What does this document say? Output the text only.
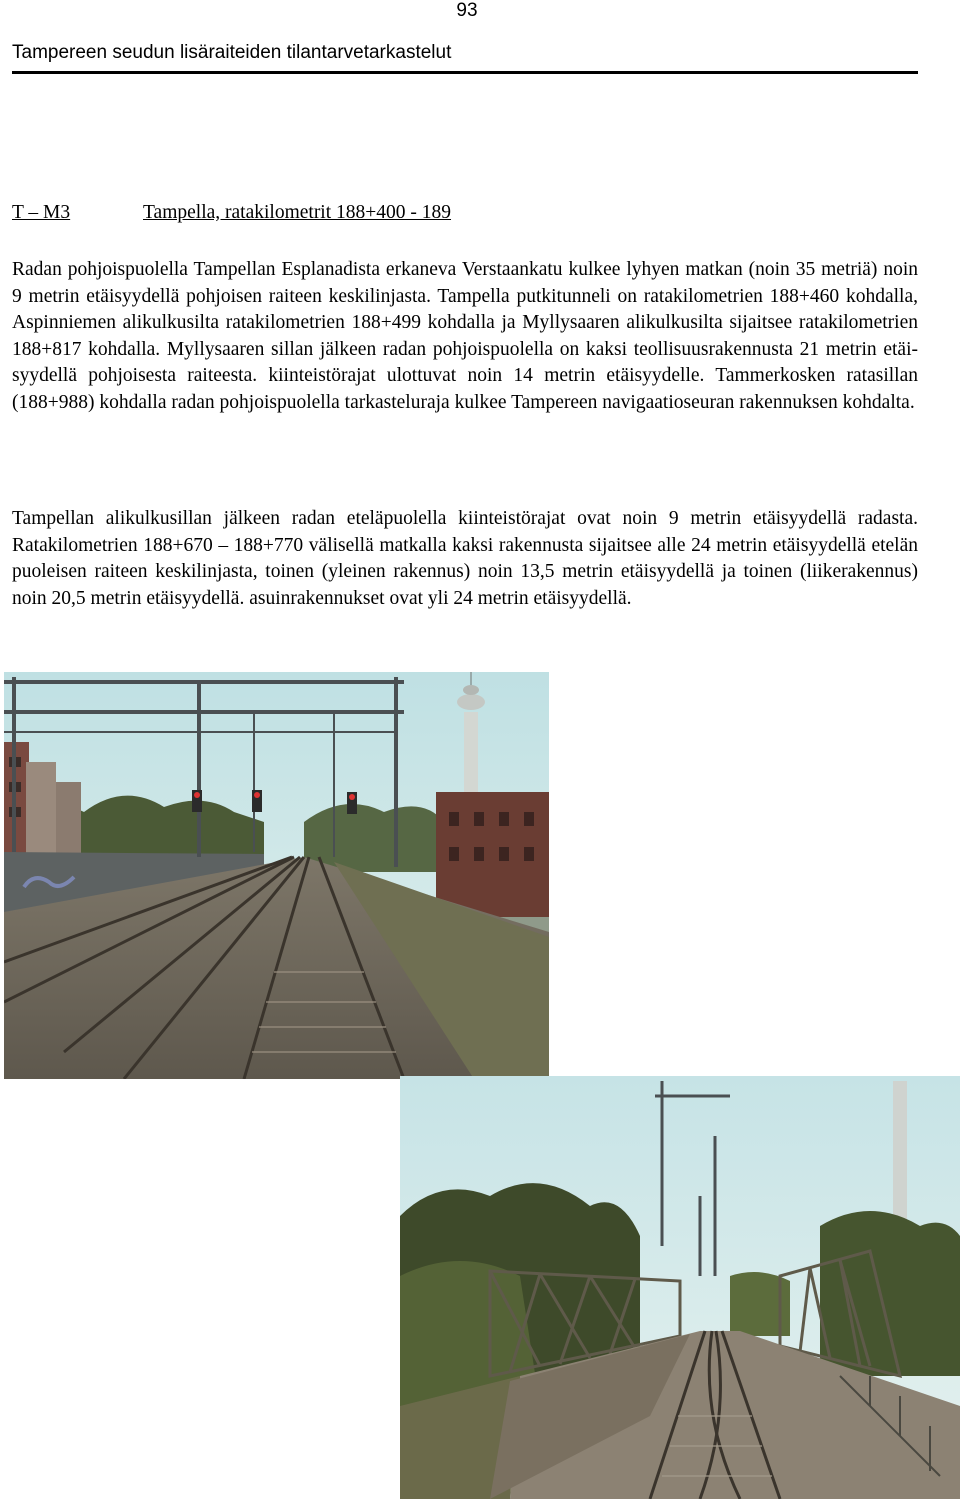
93
Tampereen seudun lisäraiteiden tilantarvetarkastelut
T – M3	Tampella, ratakilometrit 188+400 - 189

Radan pohjoispuolella Tampellan Esplanadista erkaneva Verstaankatu kulkee lyhyen matkan (noin 35 metriä) noin 9 metrin etäisyydellä pohjoisen raiteen keskilinjasta. Tampella putkitunneli on ratakilometrien 188+460 kohdalla, Aspinniemen alikulkusilta ratakilometrien 188+499 kohdalla ja Myllysaaren alikulkusilta sijaitsee ratakilometrien 188+817 kohdalla. Myllysaaren sillan jälkeen radan pohjoispuolella on kaksi teollisuusrakennusta 21 metrin etäisyydellä pohjoisesta raiteesta. kiinteistörajat ulottuvat noin 14 metrin etäisyydelle. Tammerkosken ratasillan (188+988) kohdalla radan pohjoispuolella tarkasteluraja kulkee Tampereen navigaatioseuran rakennuksen kohdalta.

Tampellan alikulkusillan jälkeen radan eteläpuolella kiinteistörajat ovat noin 9 metrin etäisyydellä radasta. Ratakilometrien 188+670 – 188+770 välisellä matkalla kaksi rakennusta sijaitsee alle 24 metrin etäisyydellä etelän puoleisen raiteen keskilinjasta, toinen (yleinen rakennus) noin 13,5 metrin etäisyydellä ja toinen (liikerakennus) noin 20,5 metrin etäisyydellä. asuinrakennukset ovat yli 24 metrin etäisyydellä.
